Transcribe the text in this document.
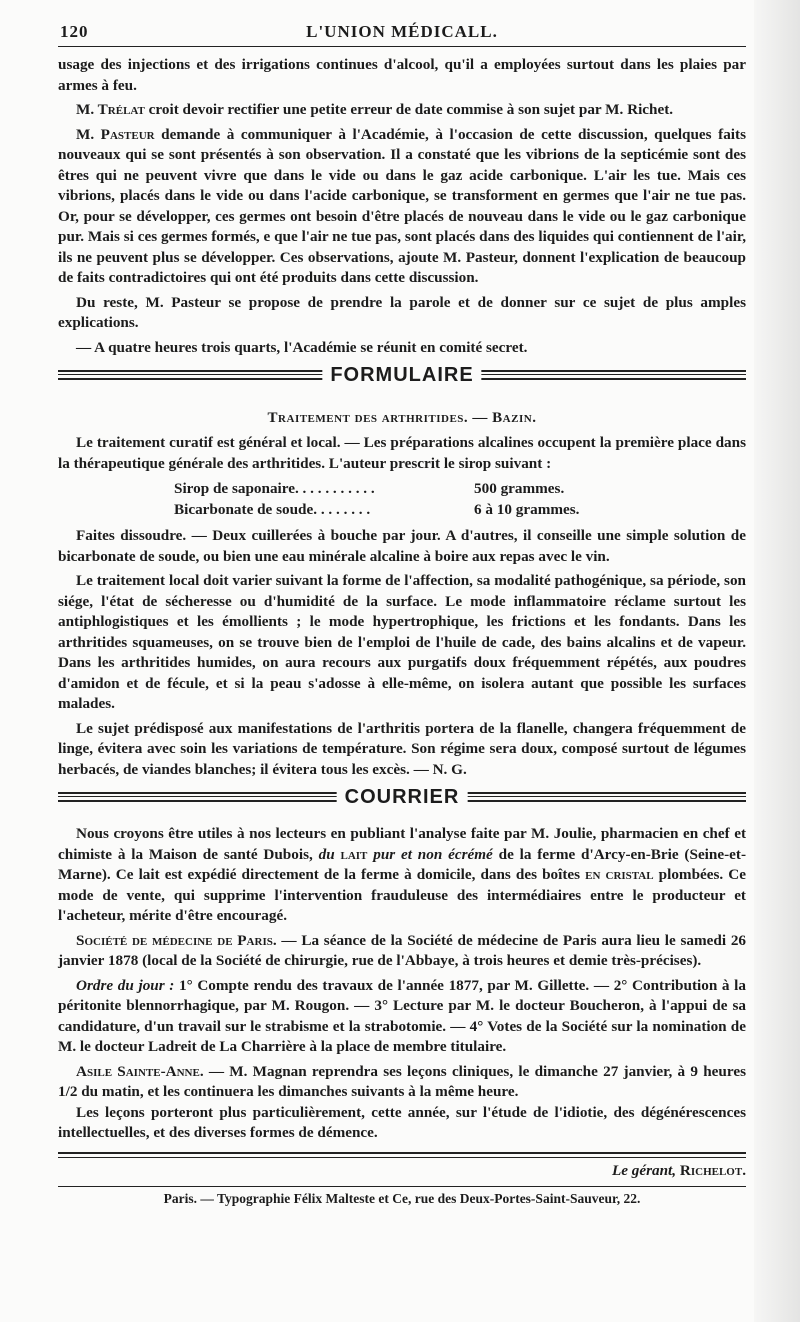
120	L'UNION MÉDICALL.

usage des injections et des irrigations continues d'alcool, qu'il a employées surtout dans les plaies par armes à feu.

M. Trélat croit devoir rectifier une petite erreur de date commise à son sujet par M. Richet.

M. Pasteur demande à communiquer à l'Académie, à l'occasion de cette discussion, quelques faits nouveaux qui se sont présentés à son observation. Il a constaté que les vibrions de la septicémie sont des êtres qui ne peuvent vivre que dans le vide ou dans le gaz acide carbonique. L'air les tue. Mais ces vibrions, placés dans le vide ou dans l'acide carbonique, se transforment en germes que l'air ne tue pas. Or, pour se développer, ces germes ont besoin d'être placés de nouveau dans le vide ou le gaz carbonique pur. Mais si ces germes formés, e que l'air ne tue pas, sont placés dans des liquides qui contiennent de l'air, ils ne peuvent plus se développer. Ces observations, ajoute M. Pasteur, donnent l'explication de beaucoup de faits contradictoires qui ont été produits dans cette discussion.

Du reste, M. Pasteur se propose de prendre la parole et de donner sur ce sujet de plus amples explications.

— A quatre heures trois quarts, l'Académie se réunit en comité secret.

FORMULAIRE
Traitement des arthritides. — Bazin.

Le traitement curatif est général et local. — Les préparations alcalines occupent la première place dans la thérapeutique générale des arthritides. L'auteur prescrit le sirop suivant :

Sirop de saponaire. . . . . . . . . . .	500 grammes.
Bicarbonate de soude. . . . . . . .	6 à 10 grammes.

Faites dissoudre. — Deux cuillerées à bouche par jour. A d'autres, il conseille une simple solution de bicarbonate de soude, ou bien une eau minérale alcaline à boire aux repas avec le vin.

Le traitement local doit varier suivant la forme de l'affection, sa modalité pathogénique, sa période, son siége, l'état de sécheresse ou d'humidité de la surface. Le mode inflammatoire réclame surtout les antiphlogistiques et les émollients ; le mode hypertrophique, les frictions et les fondants. Dans les arthritides squameuses, on se trouve bien de l'emploi de l'huile de cade, des bains alcalins et de vapeur. Dans les arthritides humides, on aura recours aux purgatifs doux fréquemment répétés, aux poudres d'amidon et de fécule, et si la peau s'adosse à elle-même, on isolera autant que possible les surfaces malades.

Le sujet prédisposé aux manifestations de l'arthritis portera de la flanelle, changera fréquemment de linge, évitera avec soin les variations de température. Son régime sera doux, composé surtout de légumes herbacés, de viandes blanches; il évitera tous les excès. — N. G.

COURRIER

Nous croyons être utiles à nos lecteurs en publiant l'analyse faite par M. Joulie, pharmacien en chef et chimiste à la Maison de santé Dubois, du lait pur et non écrémé de la ferme d'Arcy-en-Brie (Seine-et-Marne). Ce lait est expédié directement de la ferme à domicile, dans des boîtes en cristal plombées. Ce mode de vente, qui supprime l'intervention frauduleuse des intermédiaires entre le producteur et l'acheteur, mérite d'être encouragé.

Société de médecine de Paris. — La séance de la Société de médecine de Paris aura lieu le samedi 26 janvier 1878 (local de la Société de chirurgie, rue de l'Abbaye, à trois heures et demie très-précises).

Ordre du jour : 1° Compte rendu des travaux de l'année 1877, par M. Gillette. — 2° Contribution à la péritonite blennorrhagique, par M. Rougon. — 3° Lecture par M. le docteur Boucheron, à l'appui de sa candidature, d'un travail sur le strabisme et la strabotomie. — 4° Votes de la Société sur la nomination de M. le docteur Ladreit de La Charrière à la place de membre titulaire.

Asile Sainte-Anne. — M. Magnan reprendra ses leçons cliniques, le dimanche 27 janvier, à 9 heures 1/2 du matin, et les continuera les dimanches suivants à la même heure.

Les leçons porteront plus particulièrement, cette année, sur l'étude de l'idiotie, des dégénérescences intellectuelles, et des diverses formes de démence.

Le gérant, Richelot.
Paris. — Typographie Félix Malteste et Ce, rue des Deux-Portes-Saint-Sauveur, 22.
